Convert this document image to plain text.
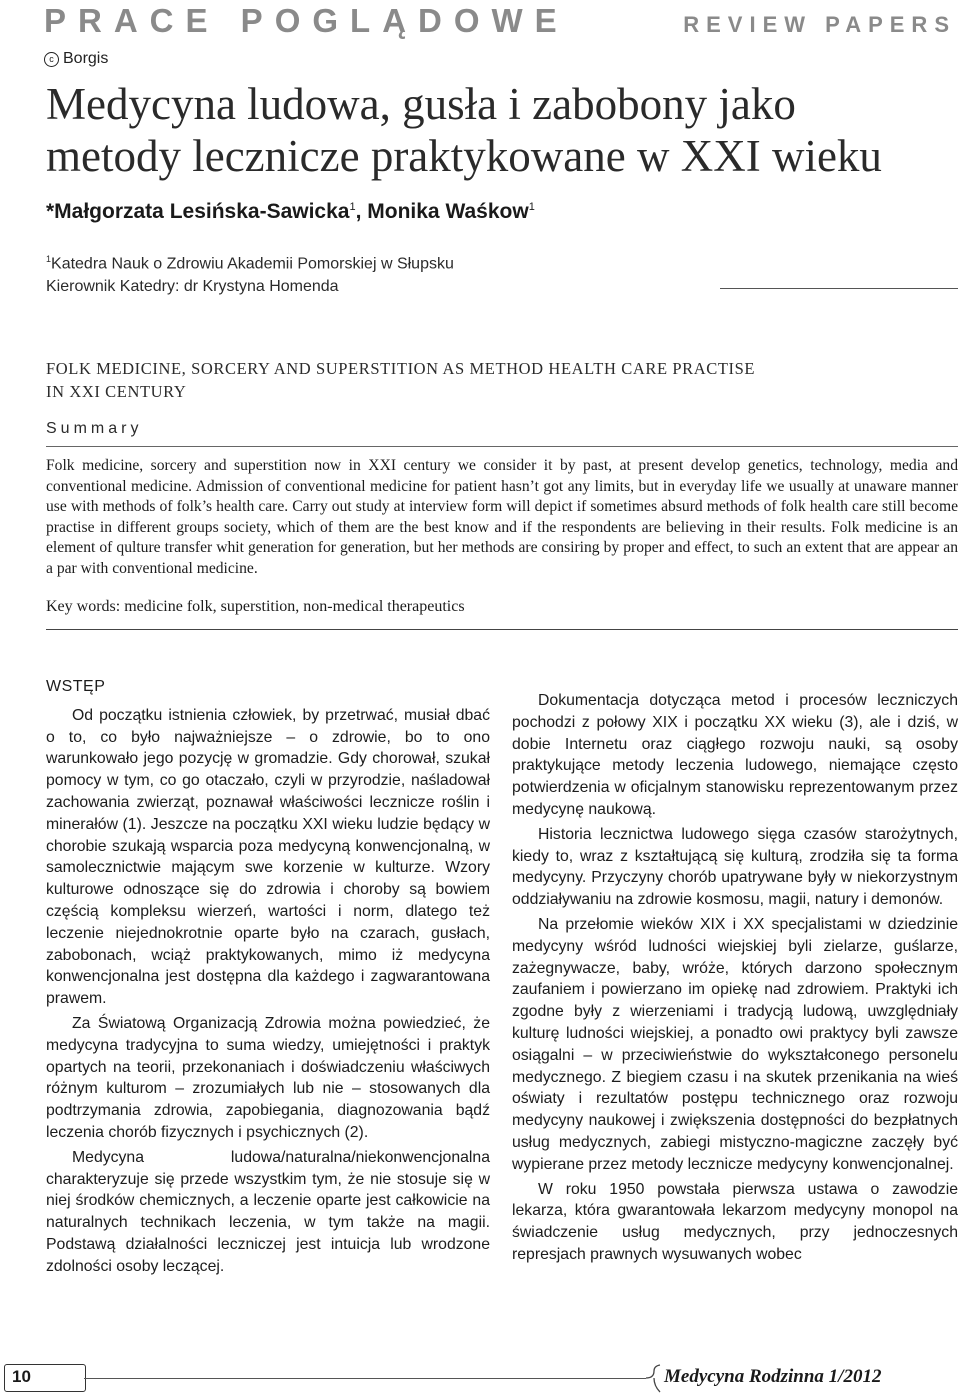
PRACE POGLĄDOWE	REVIEW PAPERS
c Borgis
Medycyna ludowa, gusła i zabobony jako
metody lecznicze praktykowane w XXI wieku
*Małgorzata Lesińska-Sawicka$^1$, Monika Waśkow$^1$
$^1$Katedra Nauk o Zdrowiu Akademii Pomorskiej w Słupsku
Kierownik Katedry: dr Krystyna Homenda
FOLK MEDICINE, SORCERY AND SUPERSTITION AS METHOD HEALTH CARE PRACTISE
IN XXI CENTURY
Summary

Folk medicine, sorcery and superstition now in XXI century we consider it by past, at present develop genetics, technology, media and conventional medicine. Admission of conventional medicine for patient hasn’t got any limits, but in everyday life we usually at unaware manner use with methods of folk’s health care. Carry out study at interview form will depict if sometimes absurd methods of folk health care still become practise in different groups society, which of them are the best know and if the respondents are believing in their results. Folk medicine is an element of qulture transfer whit generation for generation, but her methods are consiring by proper and effect, to such an extent that are appear an a par with conventional medicine.

Key words: medicine folk, superstition, non-medical therapeutics
WSTĘP

Od początku istnienia człowiek, by przetrwać, musiał dbać o to, co było najważniejsze – o zdrowie, bo to ono warunkowało jego pozycję w gromadzie. Gdy chorował, szukał pomocy w tym, co go otaczało, czyli w przyrodzie, naśladował zachowania zwierząt, poznawał właściwości lecznicze roślin i minerałów (1). Jeszcze na początku XXI wieku ludzie będący w chorobie szukają wsparcia poza medycyną konwencjonalną, w samolecznictwie mającym swe korzenie w kulturze. Wzory kulturowe odnoszące się do zdrowia i choroby są bowiem częścią kompleksu wierzeń, wartości i norm, dlatego też leczenie niejednokrotnie oparte było na czarach, gusłach, zabobonach, wciąż praktykowanych, mimo iż medycyna konwencjonalna jest dostępna dla każdego i zagwarantowana prawem.

Za Światową Organizacją Zdrowia można powiedzieć, że medycyna tradycyjna to suma wiedzy, umiejętności i praktyk opartych na teorii, przekonaniach i doświadczeniu właściwych różnym kulturom – zrozumiałych lub nie – stosowanych dla podtrzymania zdrowia, zapobiegania, diagnozowania bądź leczenia chorób fizycznych i psychicznych (2).

Medycyna ludowa/naturalna/niekonwencjonalna charakteryzuje się przede wszystkim tym, że nie stosuje się w niej środków chemicznych, a leczenie oparte jest całkowicie na naturalnych technikach leczenia, w tym także na magii. Podstawą działalności leczniczej jest intuicja lub wrodzone zdolności osoby leczącej.

Dokumentacja dotycząca metod i procesów leczniczych pochodzi z połowy XIX i początku XX wieku (3), ale i dziś, w dobie Internetu oraz ciągłego rozwoju nauki, są osoby praktykujące metody leczenia ludowego, niemające często potwierdzenia w oficjalnym stanowisku reprezentowanym przez medycynę naukową.

Historia lecznictwa ludowego sięga czasów starożytnych, kiedy to, wraz z kształtującą się kulturą, zrodziła się ta forma medycyny. Przyczyny chorób upatrywane były w niekorzystnym oddziaływaniu na zdrowie kosmosu, magii, natury i demonów.

Na przełomie wieków XIX i XX specjalistami w dziedzinie medycyny wśród ludności wiejskiej byli zielarze, guślarze, zażegnywacze, baby, wróże, których darzono społecznym zaufaniem i powierzano im opiekę nad zdrowiem. Praktyki ich zgodne były z wierzeniami i tradycją ludową, uwzględniały kulturę ludności wiejskiej, a ponadto owi praktycy byli zawsze osiągalni – w przeciwieństwie do wykształconego personelu medycznego. Z biegiem czasu i na skutek przenikania na wieś oświaty i rezultatów postępu technicznego oraz rozwoju medycyny naukowej i zwiększenia dostępności do bezpłatnych usług medycznych, zabiegi mistyczno-magiczne zaczęły być wypierane przez metody lecznicze medycyny konwencjonalnej.

W roku 1950 powstała pierwsza ustawa o zawodzie lekarza, która gwarantowała lekarzom medycyny monopol na świadczenie usług medycznych, przy jednoczesnych represjach prawnych wysuwanych wobec

10	Medycyna Rodzinna 1/2012
